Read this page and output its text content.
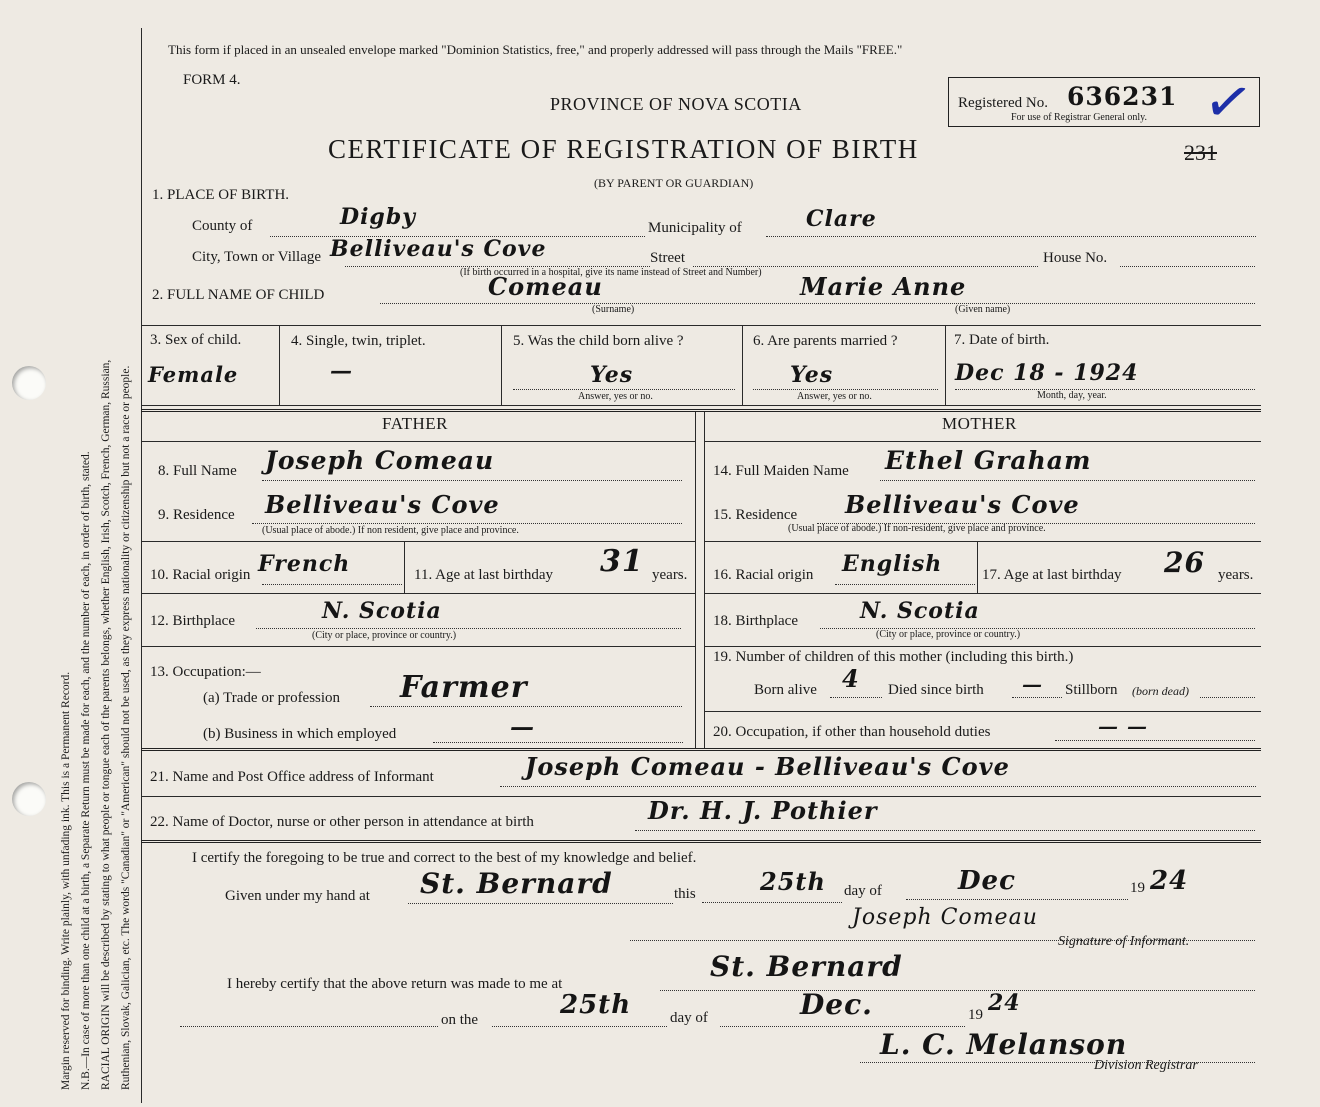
Margin reserved for binding. Write plainly, with unfading ink. This is a Permanent Record. N.B.—In case of more than one child at a birth, a Separate Return must be made for each, and the number of each, in order of birth, stated. RACIAL ORIGIN will be described by stating to what people or tongue each of the parents belongs, whether English, Irish, Scotch, French, German, Russian, Ruthenian, Slovak, Galician, etc. The words "Canadian" or "American" should not be used, as they express nationality or citizenship but not a race or people.
This form if placed in an unsealed envelope marked "Dominion Statistics, free," and properly addressed will pass through the Mails "FREE."
FORM 4.
PROVINCE OF NOVA SCOTIA
CERTIFICATE OF REGISTRATION OF BIRTH
(BY PARENT OR GUARDIAN)
Registered No. 636231
For use of Registrar General only. ✓
231
1. PLACE OF BIRTH.
County of	Digby	Municipality of	Clare
City, Town or Village Belliveau's Cove	Street	House No.
(If birth occurred in a hospital, give its name instead of Street and Number)
2. FULL NAME OF CHILD	Comeau	Marie Anne
(Surname)	(Given name)
3. Sex of child.
Female
4. Single, twin, triplet.
—
5. Was the child born alive ?
Yes
Answer, yes or no.
6. Are parents married ?
Yes
Answer, yes or no.
7. Date of birth.
Dec 18 - 1924
Month, day, year.
FATHER	MOTHER
8. Full Name Joseph Comeau
9. Residence Belliveau's Cove
(Usual place of abode.) If non resident, give place and province.
10. Racial origin French	11. Age at last birthday 31 years.
12. Birthplace	N. Scotia
(City or place, province or country.)
13. Occupation:—
(a) Trade or profession Farmer
(b) Business in which employed	—
14. Full Maiden Name Ethel Graham
15. Residence Belliveau's Cove
(Usual place of abode.) If non-resident, give place and province.
16. Racial origin English	17. Age at last birthday 26 years.
18. Birthplace	N. Scotia
(City or place, province or country.)
19. Number of children of this mother (including this birth.)
Born alive 4 Died since birth — Stillborn (born dead)
20. Occupation, if other than household duties	— —
21. Name and Post Office address of Informant	Joseph Comeau - Belliveau's Cove
22. Name of Doctor, nurse or other person in attendance at birth	Dr. H. J. Pothier
I certify the foregoing to be true and correct to the best of my knowledge and belief.
Given under my hand at St. Bernard	this	25th day of	Dec	19 24
Joseph Comeau
Signature of Informant.
I hereby certify that the above return was made to me at
St. Bernard
on the	25th	day of	Dec.	19 24
L. C. Melanson
Division Registrar
